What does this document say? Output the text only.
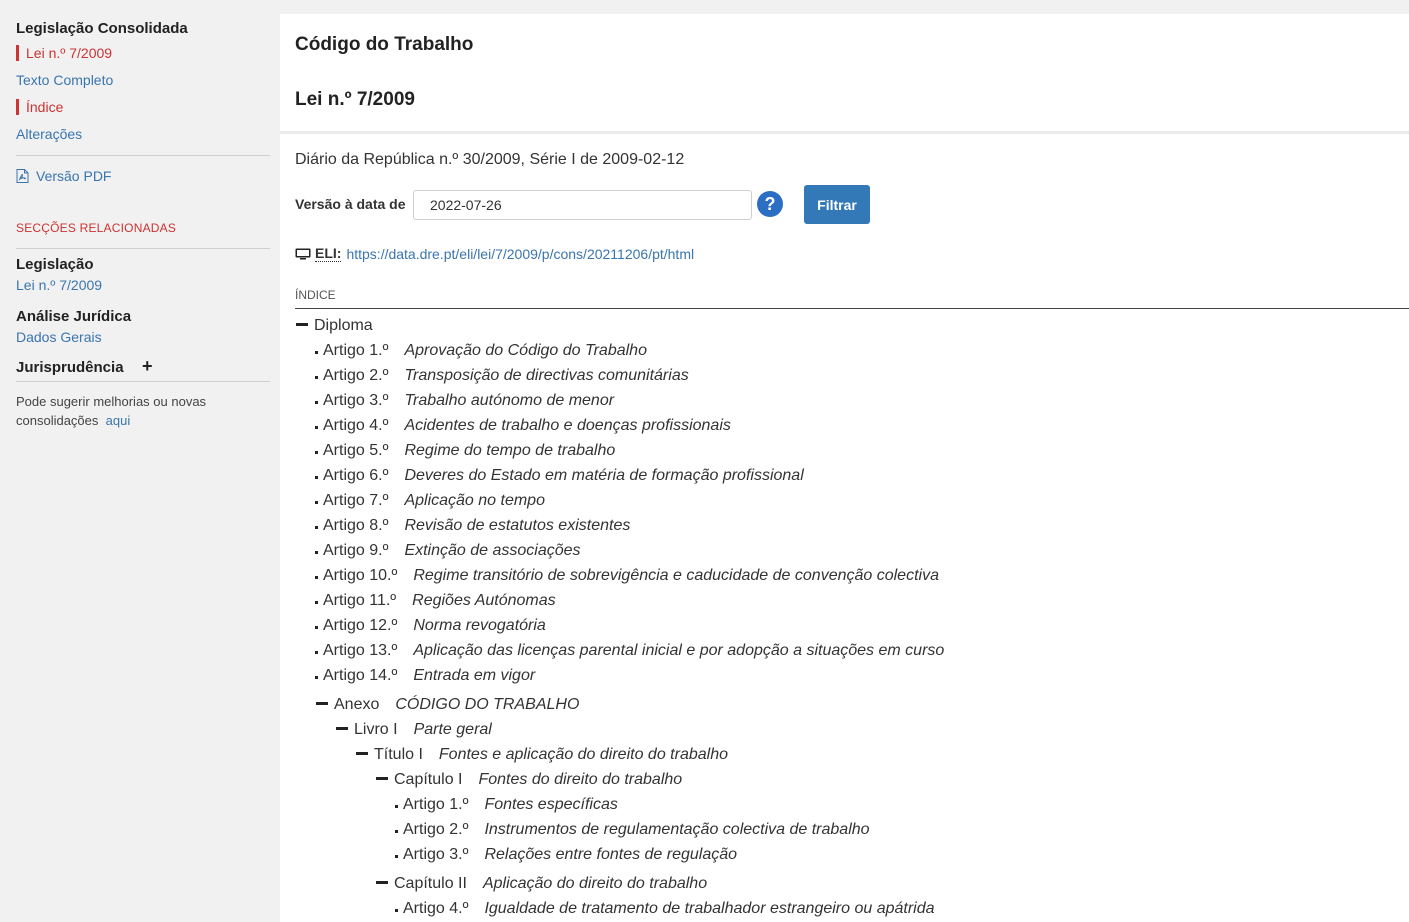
Legislação Consolidada
Lei n.º 7/2009
Texto Completo
Índice
Alterações
Versão PDF
SECÇÕES RELACIONADAS
Legislação
Lei n.º 7/2009
Análise Jurídica
Dados Gerais
Jurisprudência +
Pode sugerir melhorias ou novas consolidações aqui
Código do Trabalho
Lei n.º 7/2009
Diário da República n.º 30/2009, Série I de 2009-02-12
Versão à data de
2022-07-26	?	Filtrar
ELI: https://data.dre.pt/eli/lei/7/2009/p/cons/20211206/pt/html
ÍNDICE
Diploma
Artigo 1.º Aprovação do Código do Trabalho
Artigo 2.º Transposição de directivas comunitárias
Artigo 3.º Trabalho autónomo de menor
Artigo 4.º Acidentes de trabalho e doenças profissionais
Artigo 5.º Regime do tempo de trabalho
Artigo 6.º Deveres do Estado em matéria de formação profissional
Artigo 7.º Aplicação no tempo
Artigo 8.º Revisão de estatutos existentes
Artigo 9.º Extinção de associações
Artigo 10.º Regime transitório de sobrevigência e caducidade de convenção colectiva
Artigo 11.º Regiões Autónomas
Artigo 12.º Norma revogatória
Artigo 13.º Aplicação das licenças parental inicial e por adopção a situações em curso
Artigo 14.º Entrada em vigor
Anexo CÓDIGO DO TRABALHO
Livro I Parte geral
Título I Fontes e aplicação do direito do trabalho
Capítulo I Fontes do direito do trabalho
Artigo 1.º Fontes específicas
Artigo 2.º Instrumentos de regulamentação colectiva de trabalho
Artigo 3.º Relações entre fontes de regulação
Capítulo II Aplicação do direito do trabalho
Artigo 4.º Igualdade de tratamento de trabalhador estrangeiro ou apátrida
